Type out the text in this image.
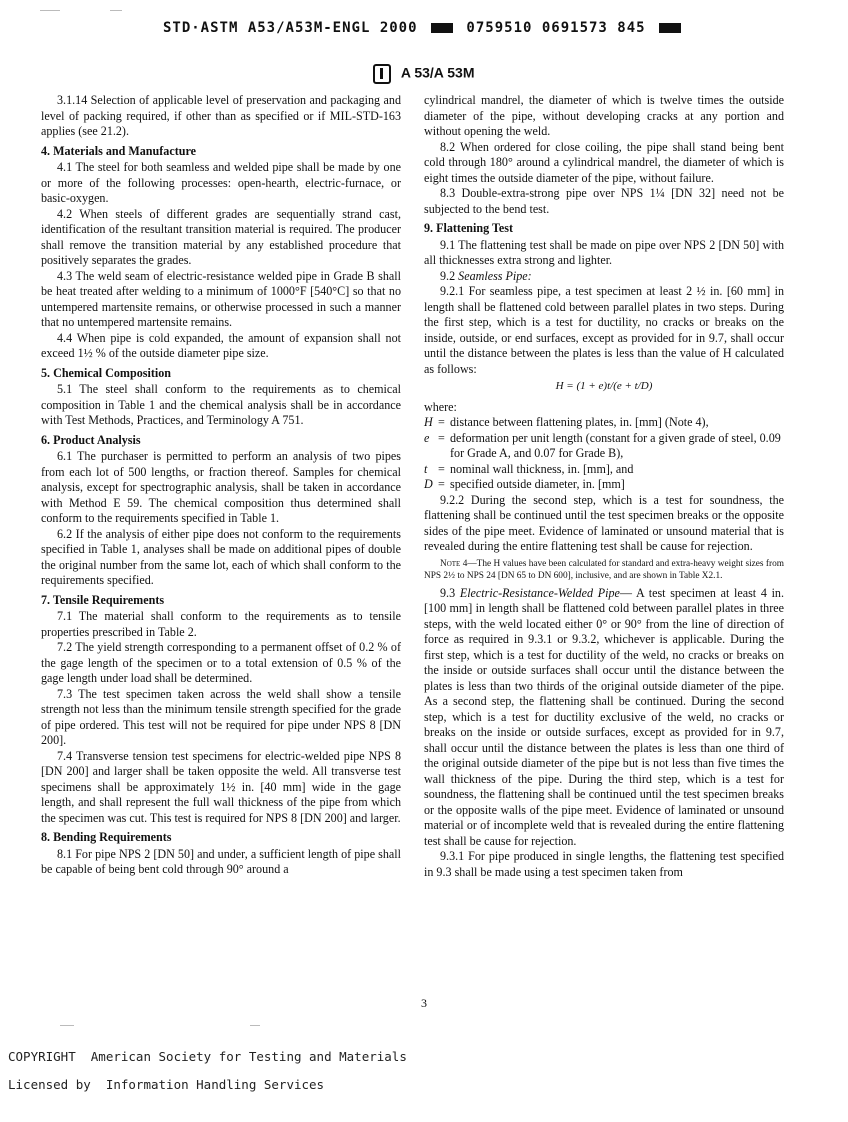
STD·ASTM A53/A53M-ENGL 2000	0759510 0691573 845
A 53/A 53M

3.1.14 Selection of applicable level of preservation and packaging and level of packing required, if other than as specified or if MIL-STD-163 applies (see 21.2).

4. Materials and Manufacture

4.1 The steel for both seamless and welded pipe shall be made by one or more of the following processes: open-hearth, electric-furnace, or basic-oxygen.

4.2 When steels of different grades are sequentially strand cast, identification of the resultant transition material is required. The producer shall remove the transition material by any established procedure that positively separates the grades.

4.3 The weld seam of electric-resistance welded pipe in Grade B shall be heat treated after welding to a minimum of 1000°F [540°C] so that no untempered martensite remains, or otherwise processed in such a manner that no untempered martensite remains.

4.4 When pipe is cold expanded, the amount of expansion shall not exceed 1½ % of the outside diameter pipe size.

5. Chemical Composition

5.1 The steel shall conform to the requirements as to chemical composition in Table 1 and the chemical analysis shall be in accordance with Test Methods, Practices, and Terminology A 751.

6. Product Analysis

6.1 The purchaser is permitted to perform an analysis of two pipes from each lot of 500 lengths, or fraction thereof. Samples for chemical analysis, except for spectrographic analysis, shall be taken in accordance with Method E 59. The chemical composition thus determined shall conform to the requirements specified in Table 1.

6.2 If the analysis of either pipe does not conform to the requirements specified in Table 1, analyses shall be made on additional pipes of double the original number from the same lot, each of which shall conform to the requirements specified.

7. Tensile Requirements

7.1 The material shall conform to the requirements as to tensile properties prescribed in Table 2.

7.2 The yield strength corresponding to a permanent offset of 0.2 % of the gage length of the specimen or to a total extension of 0.5 % of the gage length under load shall be determined.

7.3 The test specimen taken across the weld shall show a tensile strength not less than the minimum tensile strength specified for the grade of pipe ordered. This test will not be required for pipe under NPS 8 [DN 200].

7.4 Transverse tension test specimens for electric-welded pipe NPS 8 [DN 200] and larger shall be taken opposite the weld. All transverse test specimens shall be approximately 1½ in. [40 mm] wide in the gage length, and shall represent the full wall thickness of the pipe from which the specimen was cut. This test is required for NPS 8 [DN 200] and larger.

8. Bending Requirements

8.1 For pipe NPS 2 [DN 50] and under, a sufficient length of pipe shall be capable of being bent cold through 90° around a

cylindrical mandrel, the diameter of which is twelve times the outside diameter of the pipe, without developing cracks at any portion and without opening the weld.

8.2 When ordered for close coiling, the pipe shall stand being bent cold through 180° around a cylindrical mandrel, the diameter of which is eight times the outside diameter of the pipe, without failure.

8.3 Double-extra-strong pipe over NPS 1¼ [DN 32] need not be subjected to the bend test.

9. Flattening Test

9.1 The flattening test shall be made on pipe over NPS 2 [DN 50] with all thicknesses extra strong and lighter.

9.2 Seamless Pipe:

9.2.1 For seamless pipe, a test specimen at least 2 ½ in. [60 mm] in length shall be flattened cold between parallel plates in two steps. During the first step, which is a test for ductility, no cracks or breaks on the inside, outside, or end surfaces, except as provided for in 9.7, shall occur until the distance between the plates is less than the value of H calculated as follows:

H = (1 + e)t/(e + t/D)

where:

H = distance between flattening plates, in. [mm] (Note 4),
e = deformation per unit length (constant for a given grade of steel, 0.09 for Grade A, and 0.07 for Grade B),
t = nominal wall thickness, in. [mm], and
D = specified outside diameter, in. [mm]

9.2.2 During the second step, which is a test for soundness, the flattening shall be continued until the test specimen breaks or the opposite sides of the pipe meet. Evidence of laminated or unsound material that is revealed during the entire flattening test shall be cause for rejection.

Note 4—The H values have been calculated for standard and extra-heavy weight sizes from NPS 2½ to NPS 24 [DN 65 to DN 600], inclusive, and are shown in Table X2.1.

9.3 Electric-Resistance-Welded Pipe— A test specimen at least 4 in. [100 mm] in length shall be flattened cold between parallel plates in three steps, with the weld located either 0° or 90° from the line of direction of force as required in 9.3.1 or 9.3.2, whichever is applicable. During the first step, which is a test for ductility of the weld, no cracks or breaks on the inside or outside surfaces shall occur until the distance between the plates is less than two thirds of the original outside diameter of the pipe. As a second step, the flattening shall be continued. During the second step, which is a test for ductility exclusive of the weld, no cracks or breaks on the inside or outside surfaces, except as provided for in 9.7, shall occur until the distance between the plates is less than one third of the original outside diameter of the pipe but is not less than five times the wall thickness of the pipe. During the third step, which is a test for soundness, the flattening shall be continued until the test specimen breaks or the opposite walls of the pipe meet. Evidence of laminated or unsound material or of incomplete weld that is revealed during the entire flattening test shall be cause for rejection.

9.3.1 For pipe produced in single lengths, the flattening test specified in 9.3 shall be made using a test specimen taken from

3
COPYRIGHT  American Society for Testing and Materials
Licensed by  Information Handling Services
